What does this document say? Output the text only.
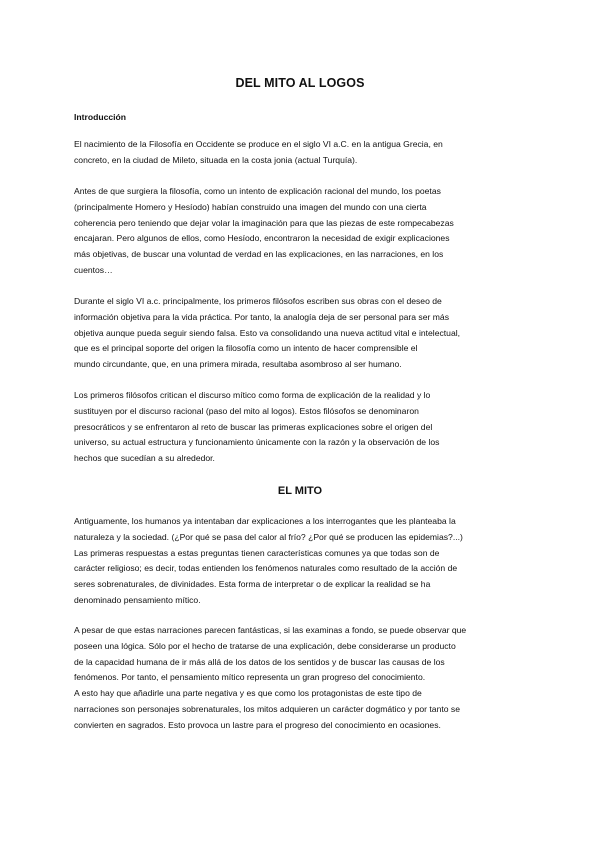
DEL MITO AL LOGOS
Introducción
El nacimiento de la Filosofía en Occidente se produce en el siglo VI a.C. en la antigua Grecia, en
concreto, en la ciudad de Mileto, situada en la costa jonia (actual Turquía).
Antes de que surgiera la filosofía, como un intento de explicación racional del mundo, los poetas
(principalmente Homero y Hesíodo) habían construido una imagen del mundo con una cierta
coherencia pero teniendo que dejar volar la imaginación para que las piezas de este rompecabezas
encajaran. Pero algunos de ellos, como Hesíodo, encontraron la necesidad de exigir explicaciones
más objetivas, de buscar una voluntad de verdad en las explicaciones, en las narraciones, en los
cuentos…
Durante el siglo VI a.c. principalmente, los primeros filósofos escriben sus obras con el deseo de
información objetiva para la vida práctica. Por tanto, la analogía deja de ser personal para ser más
objetiva aunque pueda seguir siendo falsa. Esto va consolidando una nueva actitud vital e intelectual,
que es el principal soporte del origen la filosofía como un intento de hacer comprensible el
mundo circundante, que, en una primera mirada, resultaba asombroso al ser humano.
Los primeros filósofos critican el discurso mítico como forma de explicación de la realidad y lo
sustituyen por el discurso racional (paso del mito al logos). Estos filósofos se denominaron
presocráticos y se enfrentaron al reto de buscar las primeras explicaciones sobre el origen del
universo, su actual estructura y funcionamiento únicamente con la razón y la observación de los
hechos que sucedían a su alrededor.
EL MITO
Antiguamente, los humanos ya intentaban dar explicaciones a los interrogantes que les planteaba la
naturaleza y la sociedad. (¿Por qué se pasa del calor al frío? ¿Por qué se producen las epidemias?...)
Las primeras respuestas a estas preguntas tienen características comunes ya que todas son de
carácter religioso; es decir, todas entienden los fenómenos naturales como resultado de la acción de
seres sobrenaturales, de divinidades. Esta forma de interpretar o de explicar la realidad se ha
denominado pensamiento mítico.
A pesar de que estas narraciones parecen fantásticas, si las examinas a fondo, se puede observar que
poseen una lógica. Sólo por el hecho de tratarse de una explicación, debe considerarse un producto
de la capacidad humana de ir más allá de los datos de los sentidos y de buscar las causas de los
fenómenos. Por tanto, el pensamiento mítico representa un gran progreso del conocimiento.
A esto hay que añadirle una parte negativa y es que como los protagonistas de este tipo de
narraciones son personajes sobrenaturales, los mitos adquieren un carácter dogmático y por tanto se
convierten en sagrados. Esto provoca un lastre para el progreso del conocimiento en ocasiones.
